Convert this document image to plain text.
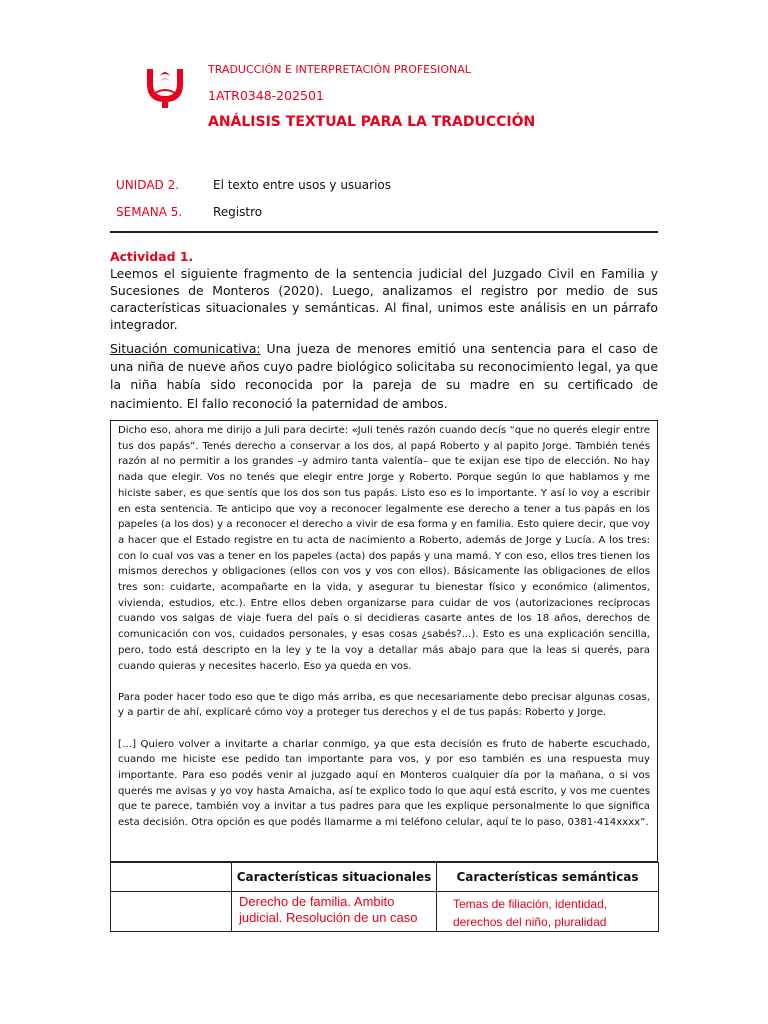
TRADUCCIÓN E INTERPRETACIÓN PROFESIONAL

1ATR0348-202501

ANÁLISIS TEXTUAL PARA LA TRADUCCIÓN

UNIDAD 2.	El texto entre usos y usuarios

SEMANA 5.	Registro

Actividad 1.

Leemos el siguiente fragmento de la sentencia judicial del Juzgado Civil en Familia y Sucesiones de Monteros (2020). Luego, analizamos el registro por medio de sus características situacionales y semánticas. Al final, unimos este análisis en un párrafo integrador.

Situación comunicativa: Una jueza de menores emitió una sentencia para el caso de una niña de nueve años cuyo padre biológico solicitaba su reconocimiento legal, ya que la niña había sido reconocida por la pareja de su madre en su certificado de nacimiento. El fallo reconoció la paternidad de ambos.

Dicho eso, ahora me dirijo a Juli para decirte: «Juli tenés razón cuando decís “que no querés elegir entre tus dos papás”. Tenés derecho a conservar a los dos, al papá Roberto y al papito Jorge. También tenés razón al no permitir a los grandes –y admiro tanta valentía– que te exijan ese tipo de elección. No hay nada que elegir. Vos no tenés que elegir entre Jorge y Roberto. Porque según lo que hablamos y me hiciste saber, es que sentís que los dos son tus papás. Listo eso es lo importante. Y así lo voy a escribir en esta sentencia. Te anticipo que voy a reconocer legalmente ese derecho a tener a tus papás en los papeles (a los dos) y a reconocer el derecho a vivir de esa forma y en familia. Esto quiere decir, que voy a hacer que el Estado registre en tu acta de nacimiento a Roberto, además de Jorge y Lucía. A los tres: con lo cual vos vas a tener en los papeles (acta) dos papás y una mamá. Y con eso, ellos tres tienen los mismos derechos y obligaciones (ellos con vos y vos con ellos). Básicamente las obligaciones de ellos tres son: cuidarte, acompañarte en la vida, y asegurar tu bienestar físico y económico (alimentos, vivienda, estudios, etc.). Entre ellos deben organizarse para cuidar de vos (autorizaciones recíprocas cuando vos salgas de viaje fuera del país o si decidieras casarte antes de los 18 años, derechos de comunicación con vos, cuidados personales, y esas cosas ¿sabés?...). Esto es una explicación sencilla, pero, todo está descripto en la ley y te la voy a detallar más abajo para que la leas si querés, para cuando quieras y necesites hacerlo. Eso ya queda en vos.

Para poder hacer todo eso que te digo más arriba, es que necesariamente debo precisar algunas cosas, y a partir de ahí, explicaré cómo voy a proteger tus derechos y el de tus papás: Roberto y Jorge.

[…] Quiero volver a invitarte a charlar conmigo, ya que esta decisión es fruto de haberte escuchado, cuando me hiciste ese pedido tan importante para vos, y por eso también es una respuesta muy importante. Para eso podés venir al juzgado aquí en Monteros cualquier día por la mañana, o si vos querés me avisas y yo voy hasta Amaicha, así te explico todo lo que aquí está escrito, y vos me cuentes que te parece, también voy a invitar a tus padres para que les explique personalmente lo que significa esta decisión. Otra opción es que podés llamarme a mi teléfono celular, aquí te lo paso, 0381-414xxxx”.

	Características situacionales	Características semánticas
	Derecho de familia. Ambito judicial. Resolución de un caso	Temas de filiación, identidad, derechos del niño, pluralidad
